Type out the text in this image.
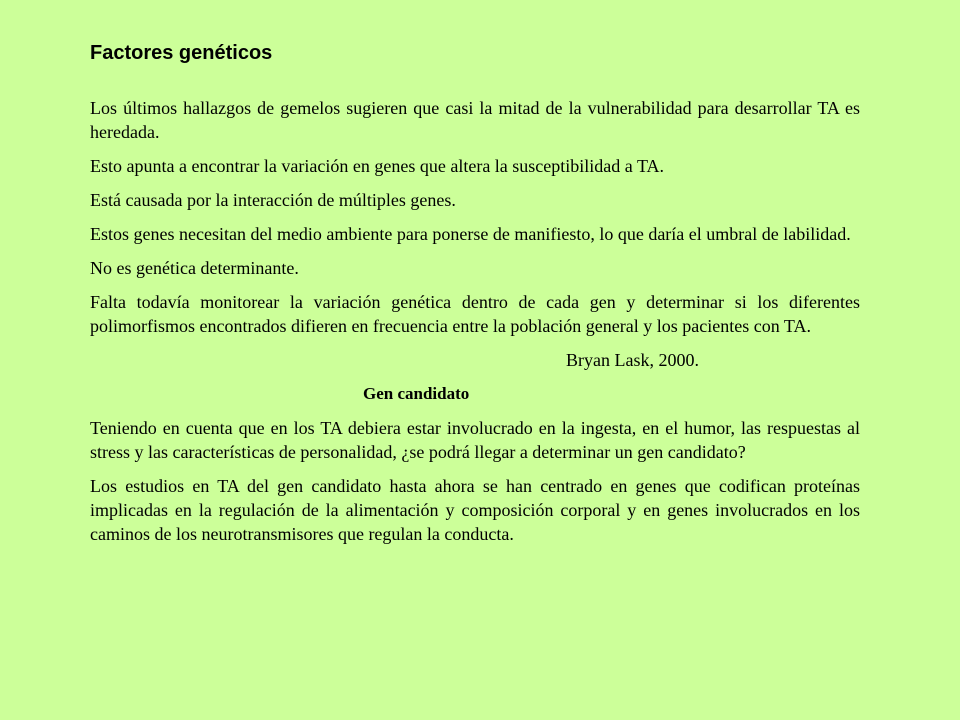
Factores genéticos

Los últimos hallazgos de gemelos sugieren que casi la mitad de la vulnerabilidad para desarrollar TA es heredada.

Esto apunta a encontrar la variación en genes que altera la susceptibilidad a TA.

Está causada por la interacción de múltiples genes.

Estos genes necesitan del medio ambiente para ponerse de manifiesto, lo que daría el umbral de labilidad.

No es genética determinante.

Falta todavía monitorear la variación genética dentro de cada gen y determinar si los diferentes polimorfismos encontrados difieren en frecuencia entre la población general y los pacientes con TA.

Bryan Lask, 2000.

Gen candidato

Teniendo en cuenta que en los TA debiera estar involucrado en la ingesta, en el humor, las respuestas al stress y las características de personalidad, ¿se podrá llegar a determinar un gen candidato?

Los estudios en TA del gen candidato hasta ahora se han centrado en genes que codifican proteínas implicadas en la regulación de la alimentación y composición corporal y en genes involucrados en los caminos de los neurotransmisores que regulan la conducta.
